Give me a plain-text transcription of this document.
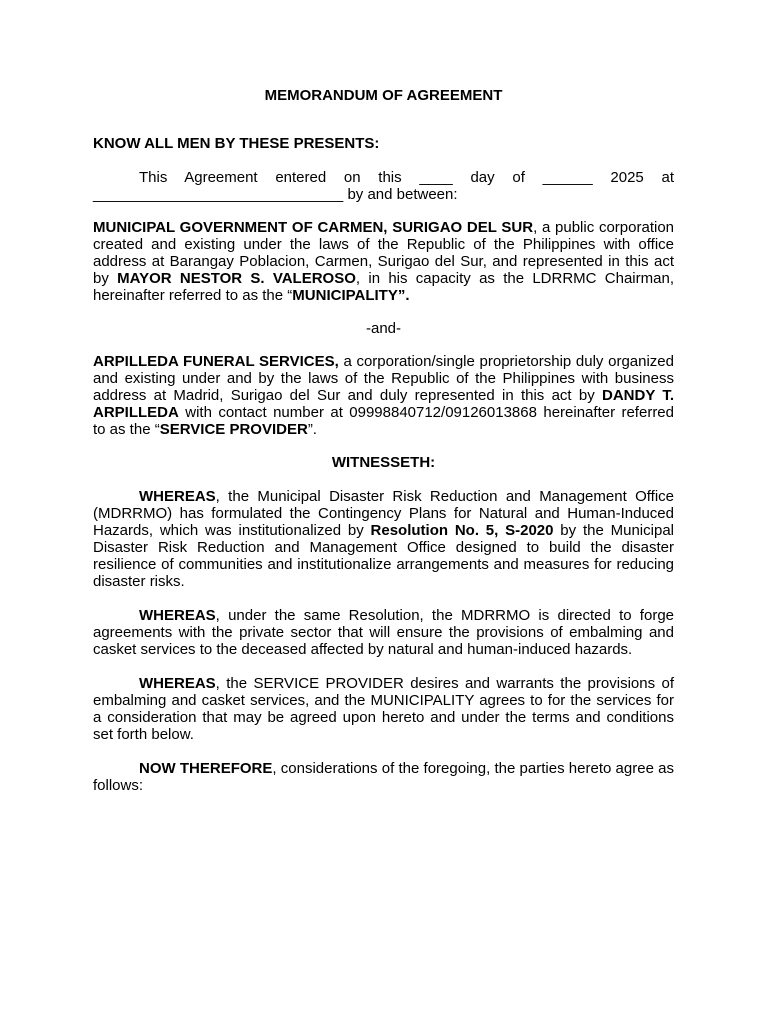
MEMORANDUM OF AGREEMENT

KNOW ALL MEN BY THESE PRESENTS:

This Agreement entered on this ____ day of ______ 2025 at

______________________________ by and between:

MUNICIPAL GOVERNMENT OF CARMEN, SURIGAO DEL SUR, a public corporation created and existing under the laws of the Republic of the Philippines with office address at Barangay Poblacion, Carmen, Surigao del Sur, and represented in this act by MAYOR NESTOR S. VALEROSO, in his capacity as the LDRRMC Chairman, hereinafter referred to as the “MUNICIPALITY”.

-and-

ARPILLEDA FUNERAL SERVICES, a corporation/single proprietorship duly organized and existing under and by the laws of the Republic of the Philippines with business address at Madrid, Surigao del Sur and duly represented in this act by DANDY T. ARPILLEDA with contact number at 09998840712/09126013868 hereinafter referred to as the “SERVICE PROVIDER”.

WITNESSETH:

WHEREAS, the Municipal Disaster Risk Reduction and Management Office (MDRRMO) has formulated the Contingency Plans for Natural and Human-Induced Hazards, which was institutionalized by Resolution No. 5, S-2020 by the Municipal Disaster Risk Reduction and Management Office designed to build the disaster resilience of communities and institutionalize arrangements and measures for reducing disaster risks.

WHEREAS, under the same Resolution, the MDRRMO is directed to forge agreements with the private sector that will ensure the provisions of embalming and casket services to the deceased affected by natural and human-induced hazards.

WHEREAS, the SERVICE PROVIDER desires and warrants the provisions of embalming and casket services, and the MUNICIPALITY agrees to for the services for a consideration that may be agreed upon hereto and under the terms and conditions set forth below.

NOW THEREFORE, considerations of the foregoing, the parties hereto agree as follows:
